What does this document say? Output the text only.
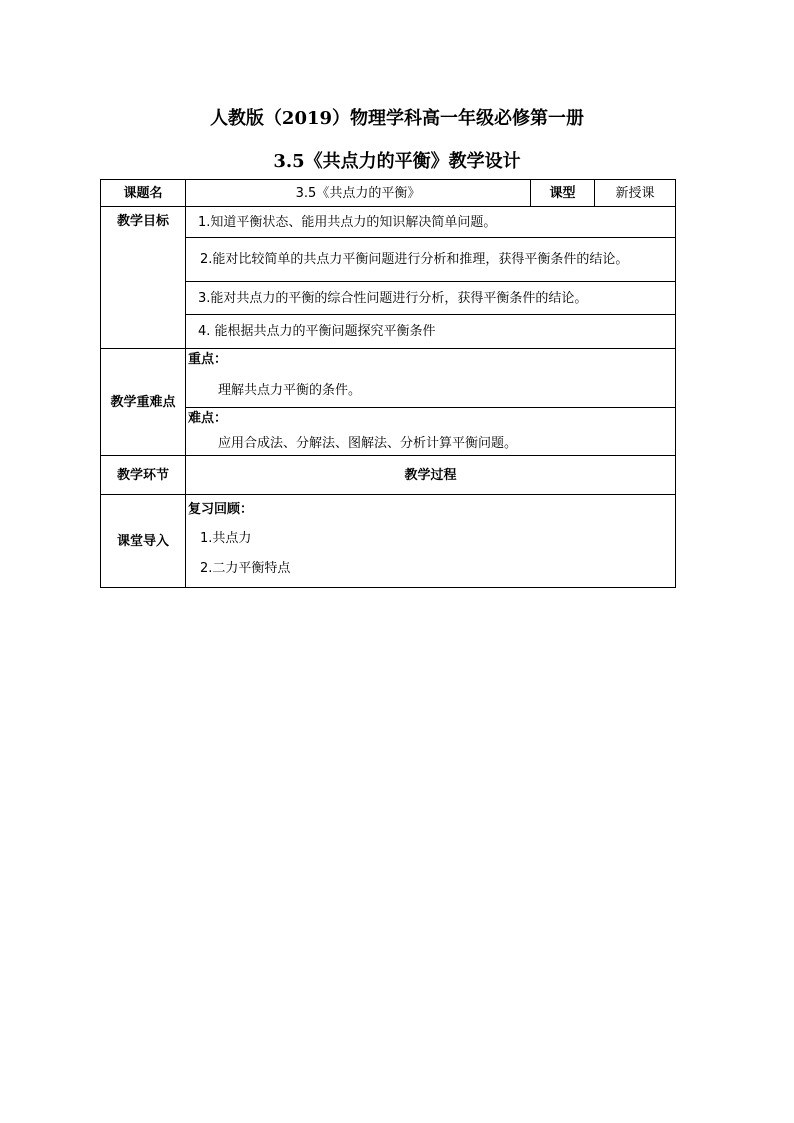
人教版（2019）物理学科高一年级必修第一册
3.5《共点力的平衡》教学设计
课题名	3.5《共点力的平衡》	课型	新授课
教学目标	1.知道平衡状态、能用共点力的知识解决简单问题。		
	2.能对比较简单的共点力平衡问题进行分析和推理，获得平衡条件的结论。		
	3.能对共点力的平衡的综合性问题进行分析，获得平衡条件的结论。		
	4. 能根据共点力的平衡问题探究平衡条件		
教学重难点	重点：
理解共点力平衡的条件。		

	难点：
应用合成法、分解法、图解法、分析计算平衡问题。		

教学环节	教学过程		
课堂导入	复习回顾：
1.共点力
2.二力平衡特点		
